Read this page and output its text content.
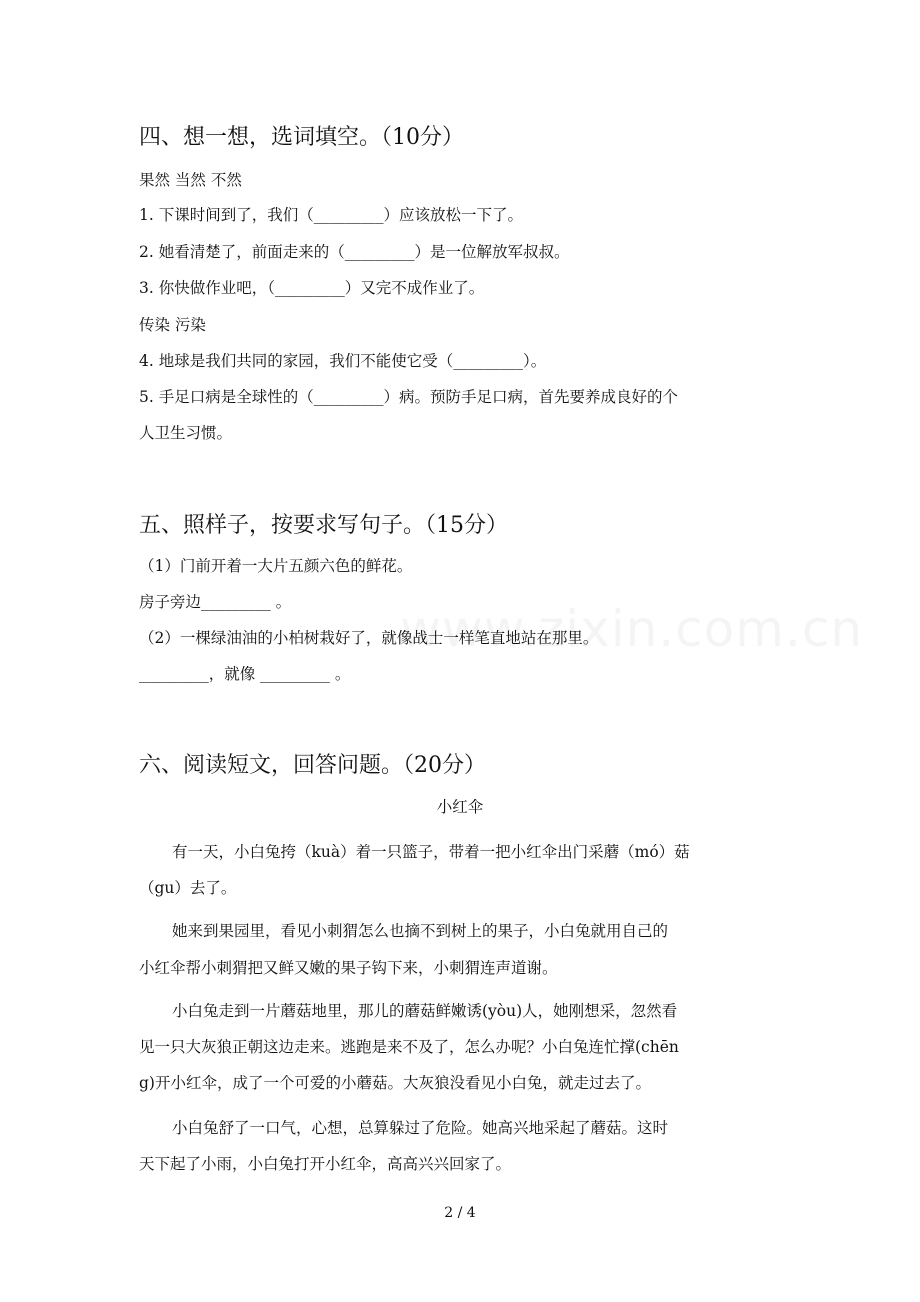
四、想一想，选词填空。（10分）
果然 当然 不然
1. 下课时间到了，我们（_________）应该放松一下了。
2. 她看清楚了，前面走来的（_________）是一位解放军叔叔。
3. 你快做作业吧，（_________）又完不成作业了。
传染 污染
4. 地球是我们共同的家园，我们不能使它受（_________）。
5. 手足口病是全球性的（_________）病。预防手足口病，首先要养成良好的个
人卫生习惯。
五、照样子，按要求写句子。（15分）
（1）门前开着一大片五颜六色的鲜花。
房子旁边_________ 。
（2）一棵绿油油的小柏树栽好了，就像战士一样笔直地站在那里。
_________，就像 _________ 。
六、阅读短文，回答问题。（20分）
小红伞
有一天，小白兔挎（kuà）着一只篮子，带着一把小红伞出门采蘑（mó）菇
（gu）去了。
她来到果园里，看见小刺猬怎么也摘不到树上的果子，小白兔就用自己的
小红伞帮小刺猬把又鲜又嫩的果子钩下来，小刺猬连声道谢。
小白兔走到一片蘑菇地里，那儿的蘑菇鲜嫩诱(yòu)人，她刚想采，忽然看
见一只大灰狼正朝这边走来。逃跑是来不及了，怎么办呢？小白兔连忙撑(chēn
g)开小红伞，成了一个可爱的小蘑菇。大灰狼没看见小白兔，就走过去了。
小白兔舒了一口气，心想，总算躲过了危险。她高兴地采起了蘑菇。这时
天下起了小雨，小白兔打开小红伞，高高兴兴回家了。
2 / 4
